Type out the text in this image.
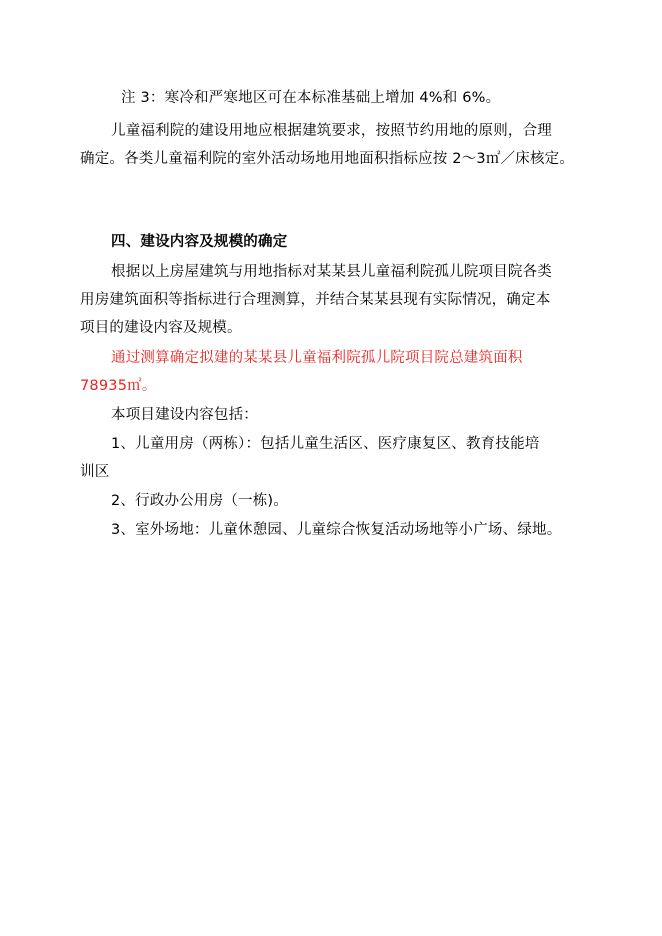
注 3：寒冷和严寒地区可在本标准基础上增加 4%和 6%。
儿童福利院的建设用地应根据建筑要求，按照节约用地的原则，合理
确定。各类儿童福利院的室外活动场地用地面积指标应按 2～3㎡／床核定。
四、建设内容及规模的确定
根据以上房屋建筑与用地指标对某某县儿童福利院孤儿院项目院各类
用房建筑面积等指标进行合理测算，并结合某某县现有实际情况，确定本
项目的建设内容及规模。
通过测算确定拟建的某某县儿童福利院孤儿院项目院总建筑面积
78935㎡。
本项目建设内容包括：
1、儿童用房（两栋）：包括儿童生活区、医疗康复区、教育技能培
训区
2、行政办公用房（一栋)。
3、室外场地：儿童休憩园、儿童综合恢复活动场地等小广场、绿地。
